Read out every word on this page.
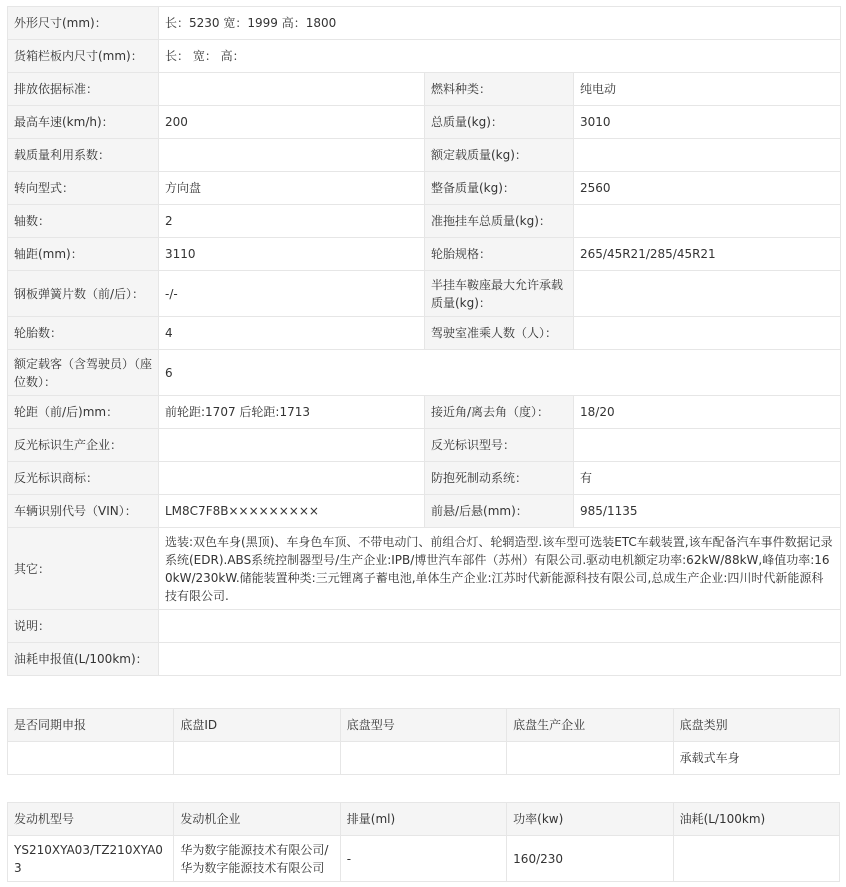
外形尺寸(mm)：	长：5230 宽：1999 高：1800		
货箱栏板内尺寸(mm)：	长： 宽： 高：		
排放依据标准：		燃料种类：	纯电动
最高车速(km/h)：	200	总质量(kg)：	3010
载质量利用系数：		额定载质量(kg)：	
转向型式：	方向盘	整备质量(kg)：	2560
轴数：	2	准拖挂车总质量(kg)：	
轴距(mm)：	3110	轮胎规格：	265/45R21/285/45R21
钢板弹簧片数（前/后）：	-/-	半挂车鞍座最大允许承载质量(kg)：	
轮胎数：	4	驾驶室准乘人数（人）：	
额定载客（含驾驶员）（座位数）：	6		
轮距（前/后)mm：	前轮距:1707 后轮距:1713	接近角/离去角（度）：	18/20
反光标识生产企业：		反光标识型号：	
反光标识商标：		防抱死制动系统：	有
车辆识别代号（VIN）：	LM8C7F8B×××××××××	前悬/后悬(mm)：	985/1135
其它：	选装:双色车身(黑顶)、车身色车顶、不带电动门、前组合灯、轮辋造型.该车型可选装ETC车载装置,该车配备汽车事件数据记录系统(EDR).ABS系统控制器型号/生产企业:IPB/博世汽车部件（苏州）有限公司.驱动电机额定功率:62kW/88kW,峰值功率:160kW/230kW.储能装置种类:三元锂离子蓄电池,单体生产企业:江苏时代新能源科技有限公司,总成生产企业:四川时代新能源科技有限公司.		
说明：			
油耗申报值(L/100km)：			
是否同期申报	底盘ID	底盘型号	底盘生产企业	底盘类别
				承载式车身
发动机型号	发动机企业	排量(ml)	功率(kw)	油耗(L/100km)
YS210XYA03/TZ210XYA03	华为数字能源技术有限公司/华为数字能源技术有限公司	-	160/230	
